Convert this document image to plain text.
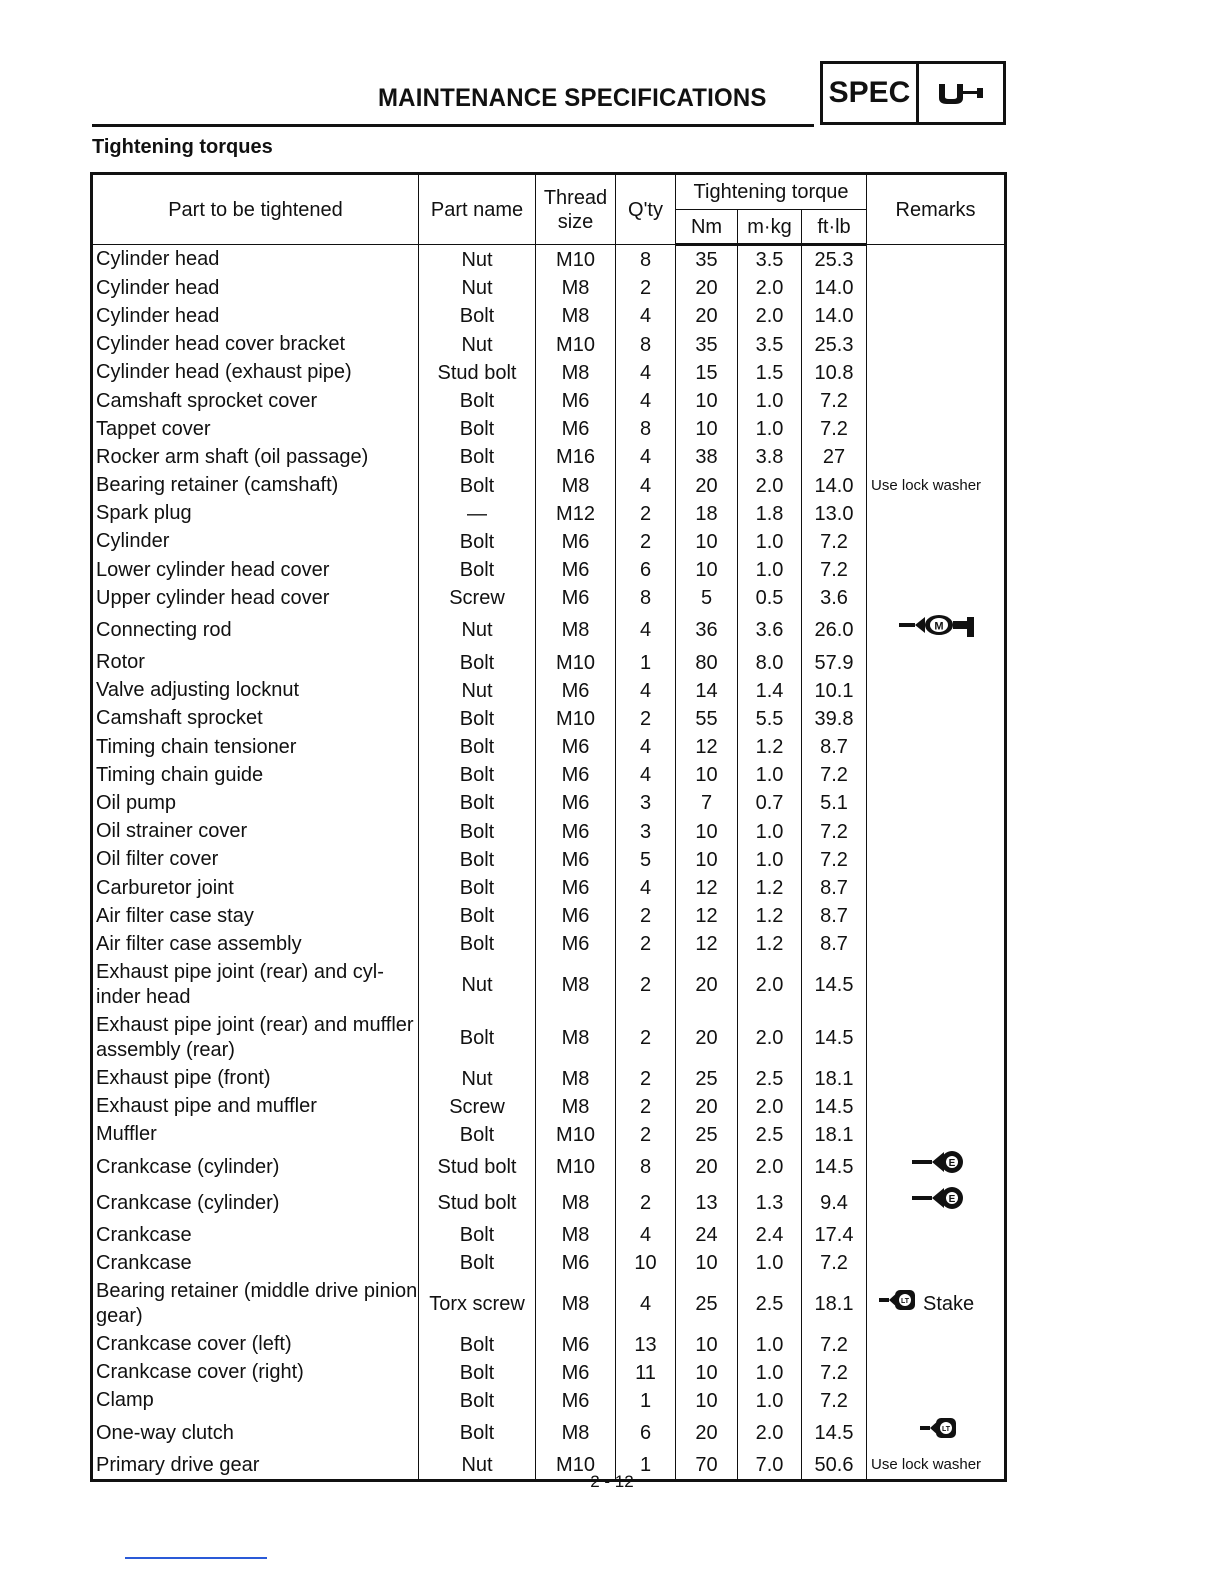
MAINTENANCE SPECIFICATIONS SPEC
Tightening torques
Part to be tightened	Part name	Thread size	Q'ty	Tightening torque			Remarks
				Nm	m·kg	ft·lb	
Cylinder head	Nut	M10	8	35	3.5	25.3	
Cylinder head	Nut	M8	2	20	2.0	14.0	
Cylinder head	Bolt	M8	4	20	2.0	14.0	
Cylinder head cover bracket	Nut	M10	8	35	3.5	25.3	
Cylinder head (exhaust pipe)	Stud bolt	M8	4	15	1.5	10.8	
Camshaft sprocket cover	Bolt	M6	4	10	1.0	7.2	
Tappet cover	Bolt	M6	8	10	1.0	7.2	
Rocker arm shaft (oil passage)	Bolt	M16	4	38	3.8	27	
Bearing retainer (camshaft)	Bolt	M8	4	20	2.0	14.0	Use lock washer
Spark plug	—	M12	2	18	1.8	13.0	
Cylinder	Bolt	M6	2	10	1.0	7.2	
Lower cylinder head cover	Bolt	M6	6	10	1.0	7.2	
Upper cylinder head cover	Screw	M6	8	5	0.5	3.6	
Connecting rod	Nut	M8	4	36	3.6	26.0	M

Rotor	Bolt	M10	1	80	8.0	57.9	
Valve adjusting locknut	Nut	M6	4	14	1.4	10.1	
Camshaft sprocket	Bolt	M10	2	55	5.5	39.8	
Timing chain tensioner	Bolt	M6	4	12	1.2	8.7	
Timing chain guide	Bolt	M6	4	10	1.0	7.2	
Oil pump	Bolt	M6	3	7	0.7	5.1	
Oil strainer cover	Bolt	M6	3	10	1.0	7.2	
Oil filter cover	Bolt	M6	5	10	1.0	7.2	
Carburetor joint	Bolt	M6	4	12	1.2	8.7	
Air filter case stay	Bolt	M6	2	12	1.2	8.7	
Air filter case assembly	Bolt	M6	2	12	1.2	8.7	
Exhaust pipe joint (rear) and cyl-inder head	Nut	M8	2	20	2.0	14.5	
Exhaust pipe joint (rear) and muffler assembly (rear)	Bolt	M8	2	20	2.0	14.5	
Exhaust pipe (front)	Nut	M8	2	25	2.5	18.1	
Exhaust pipe and muffler	Screw	M8	2	20	2.0	14.5	
Muffler	Bolt	M10	2	25	2.5	18.1	
Crankcase (cylinder)	Stud bolt	M10	8	20	2.0	14.5	E

Crankcase (cylinder)	Stud bolt	M8	2	13	1.3	9.4	E

Crankcase	Bolt	M8	4	24	2.4	17.4	
Crankcase	Bolt	M6	10	10	1.0	7.2	
Bearing retainer (middle drive pinion gear)	Torx screw	M8	4	25	2.5	18.1	LT Stake

Crankcase cover (left)	Bolt	M6	13	10	1.0	7.2	
Crankcase cover (right)	Bolt	M6	11	10	1.0	7.2	
Clamp	Bolt	M6	1	10	1.0	7.2	
One-way clutch	Bolt	M8	6	20	2.0	14.5	LT

Primary drive gear	Nut	M10	1	70	7.0	50.6	Use lock washer
2 - 12
